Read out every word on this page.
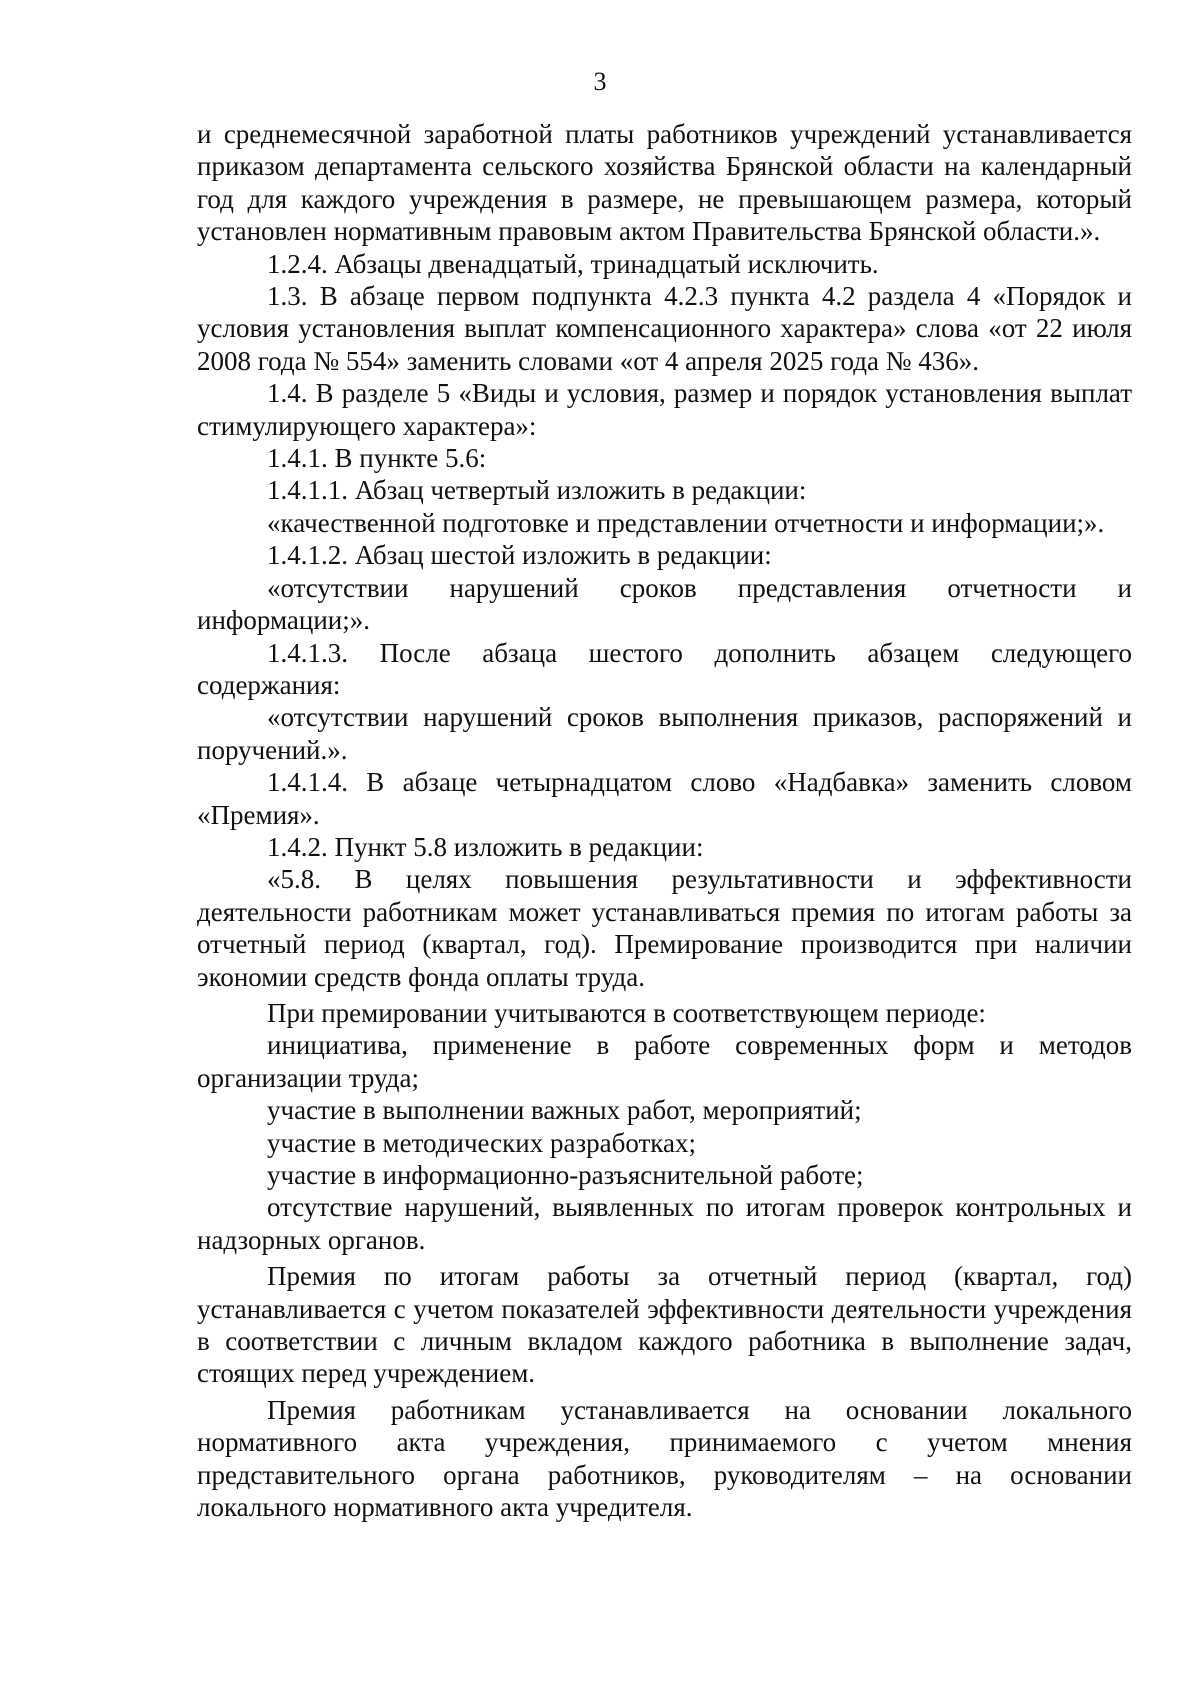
3

и среднемесячной заработной платы работников учреждений устанавливается приказом департамента сельского хозяйства Брянской области на календарный год для каждого учреждения в размере, не превышающем размера, который установлен нормативным правовым актом Правительства Брянской области.».

1.2.4. Абзацы двенадцатый, тринадцатый исключить.

1.3. В абзаце первом подпункта 4.2.3 пункта 4.2 раздела 4 «Порядок и условия установления выплат компенсационного характера» слова «от 22 июля 2008 года № 554» заменить словами «от 4 апреля 2025 года № 436».

1.4. В разделе 5 «Виды и условия, размер и порядок установления выплат стимулирующего характера»:

1.4.1. В пункте 5.6:

1.4.1.1. Абзац четвертый изложить в редакции:

«качественной подготовке и представлении отчетности и информации;».

1.4.1.2. Абзац шестой изложить в редакции:

«отсутствии нарушений сроков представления отчетности и информации;».

1.4.1.3. После абзаца шестого дополнить абзацем следующего содержания:

«отсутствии нарушений сроков выполнения приказов, распоряжений и поручений.».

1.4.1.4. В абзаце четырнадцатом слово «Надбавка» заменить словом «Премия».

1.4.2. Пункт 5.8 изложить в редакции:

«5.8. В целях повышения результативности и эффективности деятельности работникам может устанавливаться премия по итогам работы за отчетный период (квартал, год). Премирование производится при наличии экономии средств фонда оплаты труда.

При премировании учитываются в соответствующем периоде:

инициатива, применение в работе современных форм и методов организации труда;

участие в выполнении важных работ, мероприятий;

участие в методических разработках;

участие в информационно-разъяснительной работе;

отсутствие нарушений, выявленных по итогам проверок контрольных и надзорных органов.

Премия по итогам работы за отчетный период (квартал, год) устанавливается с учетом показателей эффективности деятельности учреждения в соответствии с личным вкладом каждого работника в выполнение задач, стоящих перед учреждением.

Премия работникам устанавливается на основании локального нормативного акта учреждения, принимаемого с учетом мнения представительного органа работников, руководителям – на основании локального нормативного акта учредителя.
